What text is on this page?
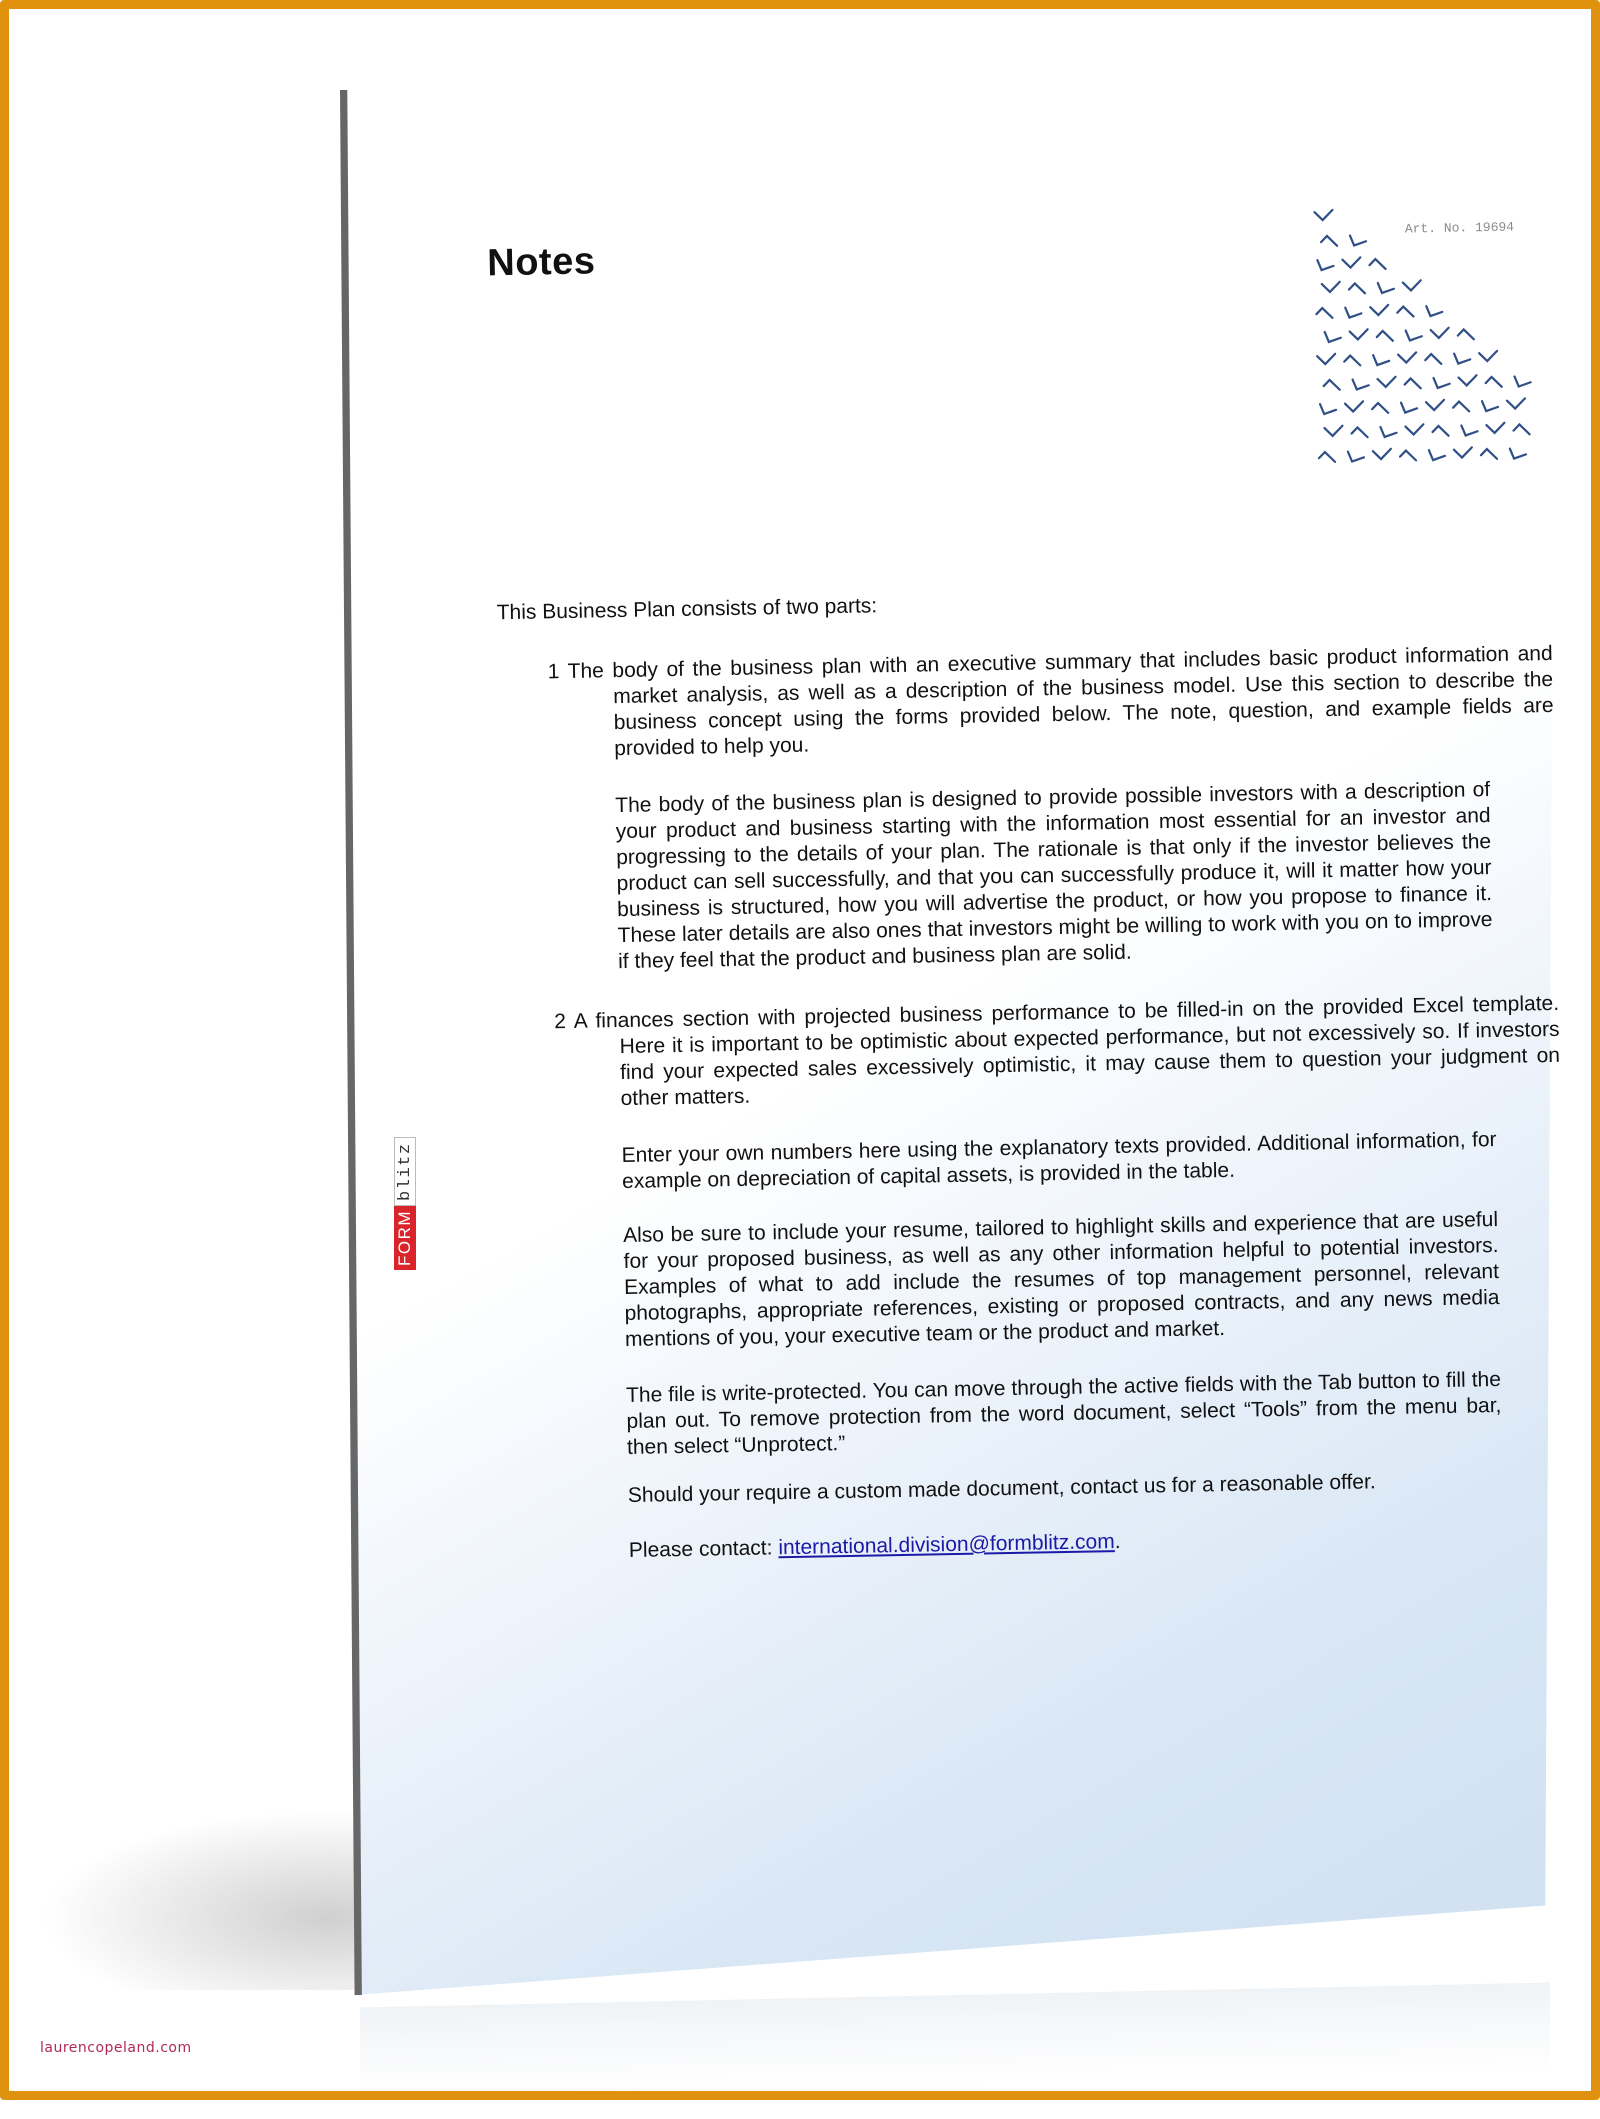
Notes
Art. No. 19694
This Business Plan consists of two parts:
1 The body of the business plan with an executive summary that includes basic product information and market analysis, as well as a description of the business model. Use this section to describe the business concept using the forms provided below. The note, question, and example fields are provided to help you.
The body of the business plan is designed to provide possible investors with a description of your product and business starting with the information most essential for an investor and progressing to the details of your plan. The rationale is that only if the investor believes the product can sell successfully, and that you can successfully produce it, will it matter how your business is structured, how you will advertise the product, or how you propose to finance it. These later details are also ones that investors might be willing to work with you on to improve if they feel that the product and business plan are solid.
2 A finances section with projected business performance to be filled-in on the provided Excel template. Here it is important to be optimistic about expected performance, but not excessively so. If investors find your expected sales excessively optimistic, it may cause them to question your judgment on other matters.
Enter your own numbers here using the explanatory texts provided. Additional information, for example on depreciation of capital assets, is provided in the table.
Also be sure to include your resume, tailored to highlight skills and experience that are useful for your proposed business, as well as any other information helpful to potential investors. Examples of what to add include the resumes of top management personnel, relevant photographs, appropriate references, existing or proposed contracts, and any news media mentions of you, your executive team or the product and market.
The file is write-protected. You can move through the active fields with the Tab button to fill the plan out. To remove protection from the word document, select “Tools” from the menu bar, then select “Unprotect.”
Should your require a custom made document, contact us for a reasonable offer.
Please contact: international.division@formblitz.com.
FORM
blitz
laurencopeland.com
